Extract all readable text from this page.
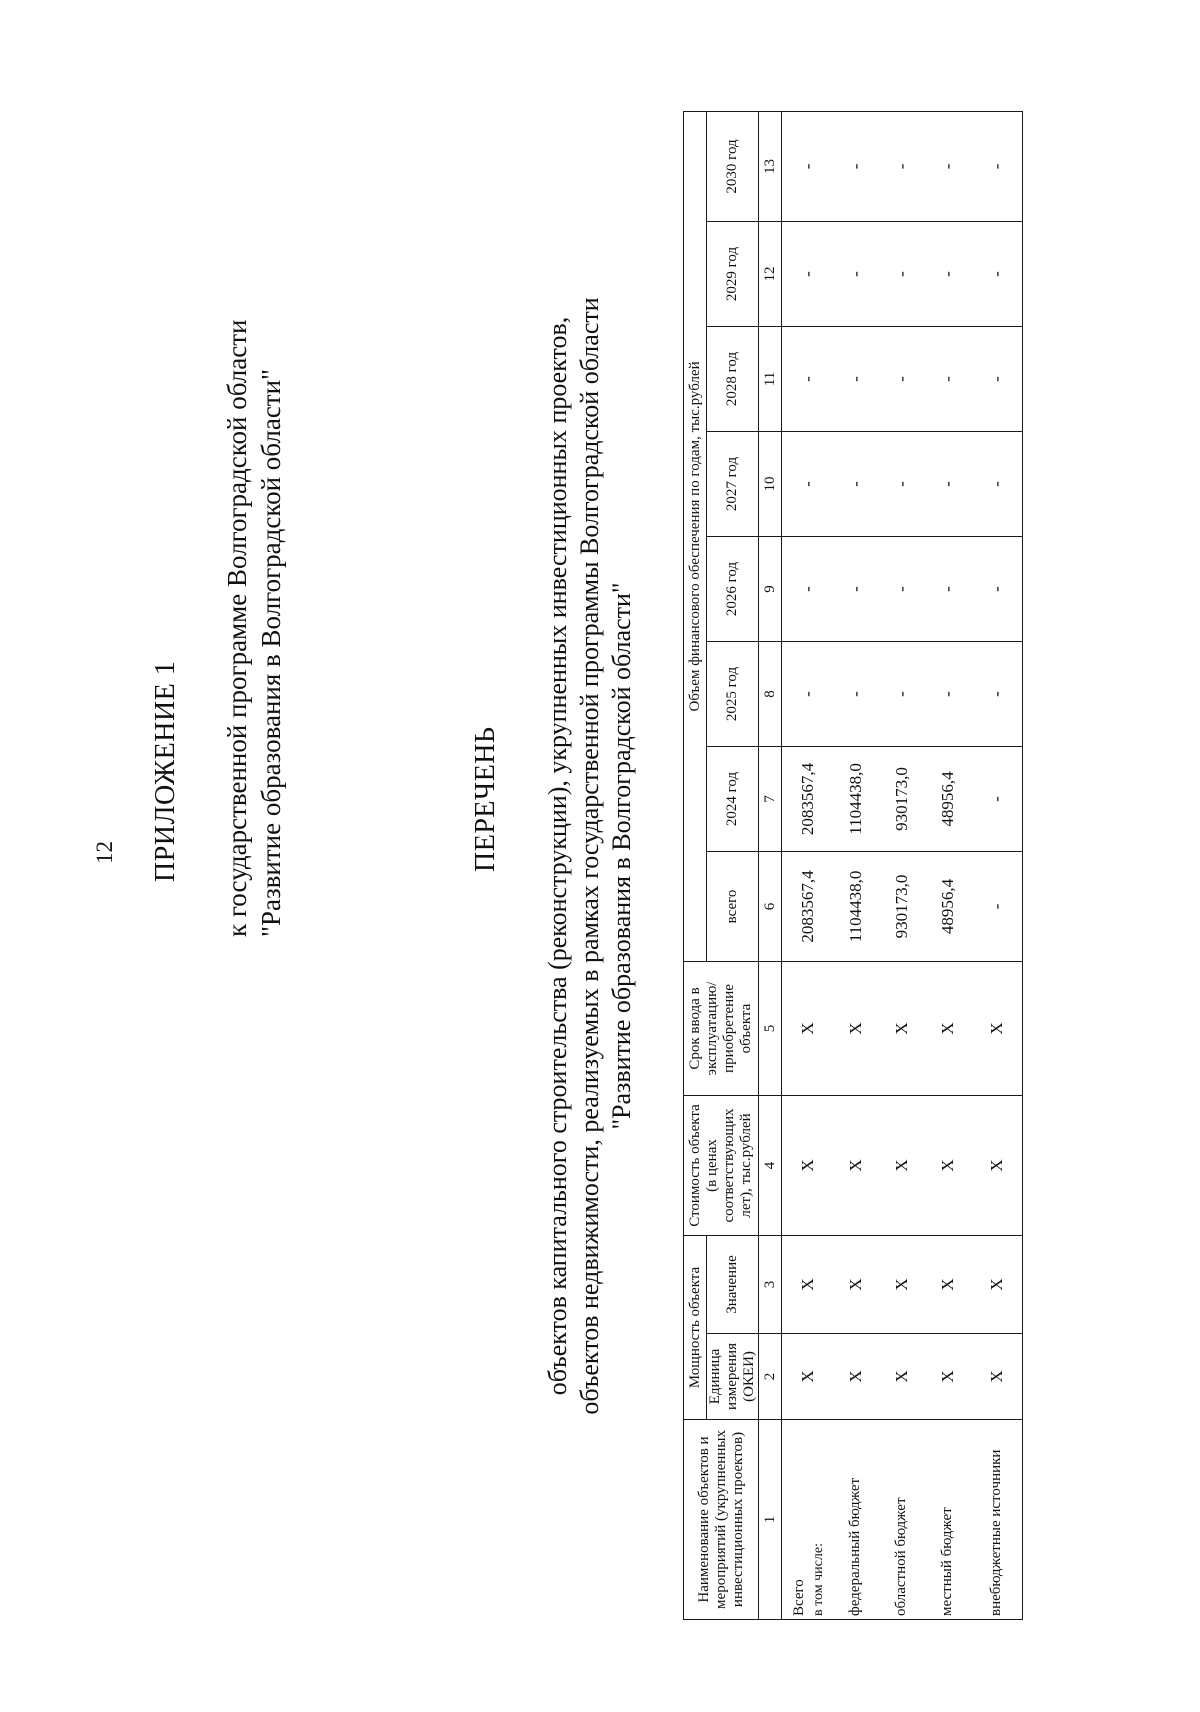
12 ПРИЛОЖЕНИЕ 1 к государственной программе Волгоградской области "Развитие образования в Волгоградской области"	ПЕРЕЧЕНЬ объектов капитального строительства (реконструкции), укрупненных инвестиционных проектов, объектов недвижимости, реализуемых в рамках государственной программы Волгоградской области "Развитие образования в Волгоградской области"
Наименование объектов и мероприятий (укрупненных инвестиционных проектов)	Мощность объекта		Стоимость объекта (в ценах соответствующих лет), тыс.рублей	Срок ввода в эксплуатацию/ приобретение объекта	Объем финансового обеспечения по годам, тыс.рублей							
	Единица измерения (ОКЕИ)	Значение			всего	2024 год	2025 год	2026 год	2027 год	2028 год	2029 год	2030 год
1	2	3	4	5	6	7	8	9	10	11	12	13
Всего в том числе:	X	X	X	X	2083567,4	2083567,4	-	-	-	-	-	-
федеральный бюджет	X	X	X	X	1104438,0	1104438,0	-	-	-	-	-	-
областной бюджет	X	X	X	X	930173,0	930173,0	-	-	-	-	-	-
местный бюджет	X	X	X	X	48956,4	48956,4	-	-	-	-	-	-
внебюджетные источники	X	X	X	X	-	-	-	-	-	-	-	-
